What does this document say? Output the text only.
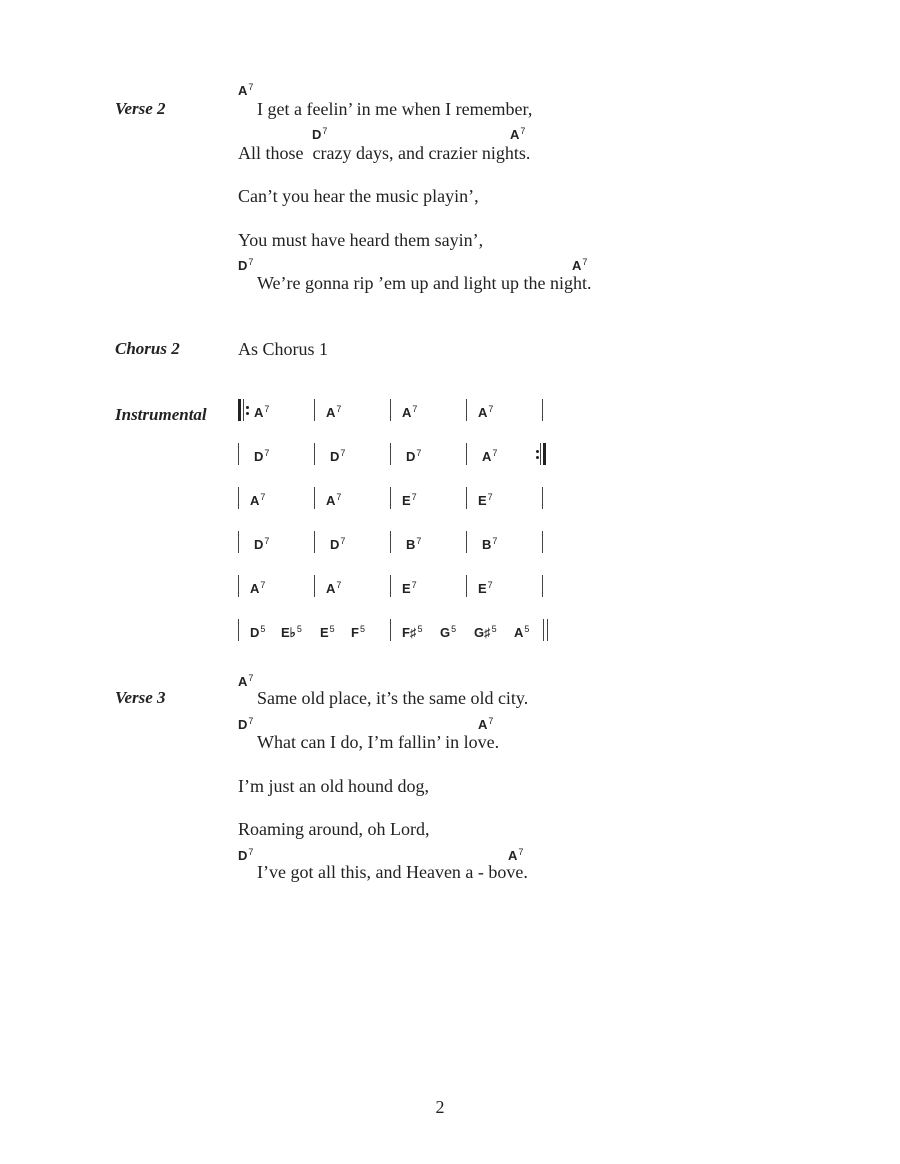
Verse 2
$A^7$
I get a feelin’ in me when I remember,
$D^7$	$A^7$
All those  crazy days, and crazier nights.
Can’t you hear the music playin’,
You must have heard them sayin’,
$D^7$	$A^7$
We’re gonna rip ’em up and light up the night.
Chorus 2	As Chorus 1
Instrumental	$A^7$	$A^7$	$A^7$	$A^7$
$D^7$	$D^7$	$D^7$	$A^7$
$A^7$	$A^7$	$E^7$	$E^7$
$D^7$	$D^7$	$B^7$	$B^7$
$A^7$	$A^7$	$E^7$	$E^7$
$D^5$ E♭$^5$ $E^5$ $F^5$	F♯$^5$ $G^5$ G♯$^5$ $A^5$
Verse 3
$A^7$
Same old place, it’s the same old city.
$D^7$	$A^7$
What can I do, I’m fallin’ in love.
I’m just an old hound dog,
Roaming around, oh Lord,
$D^7$	$A^7$
I’ve got all this, and Heaven a - bove.
2
